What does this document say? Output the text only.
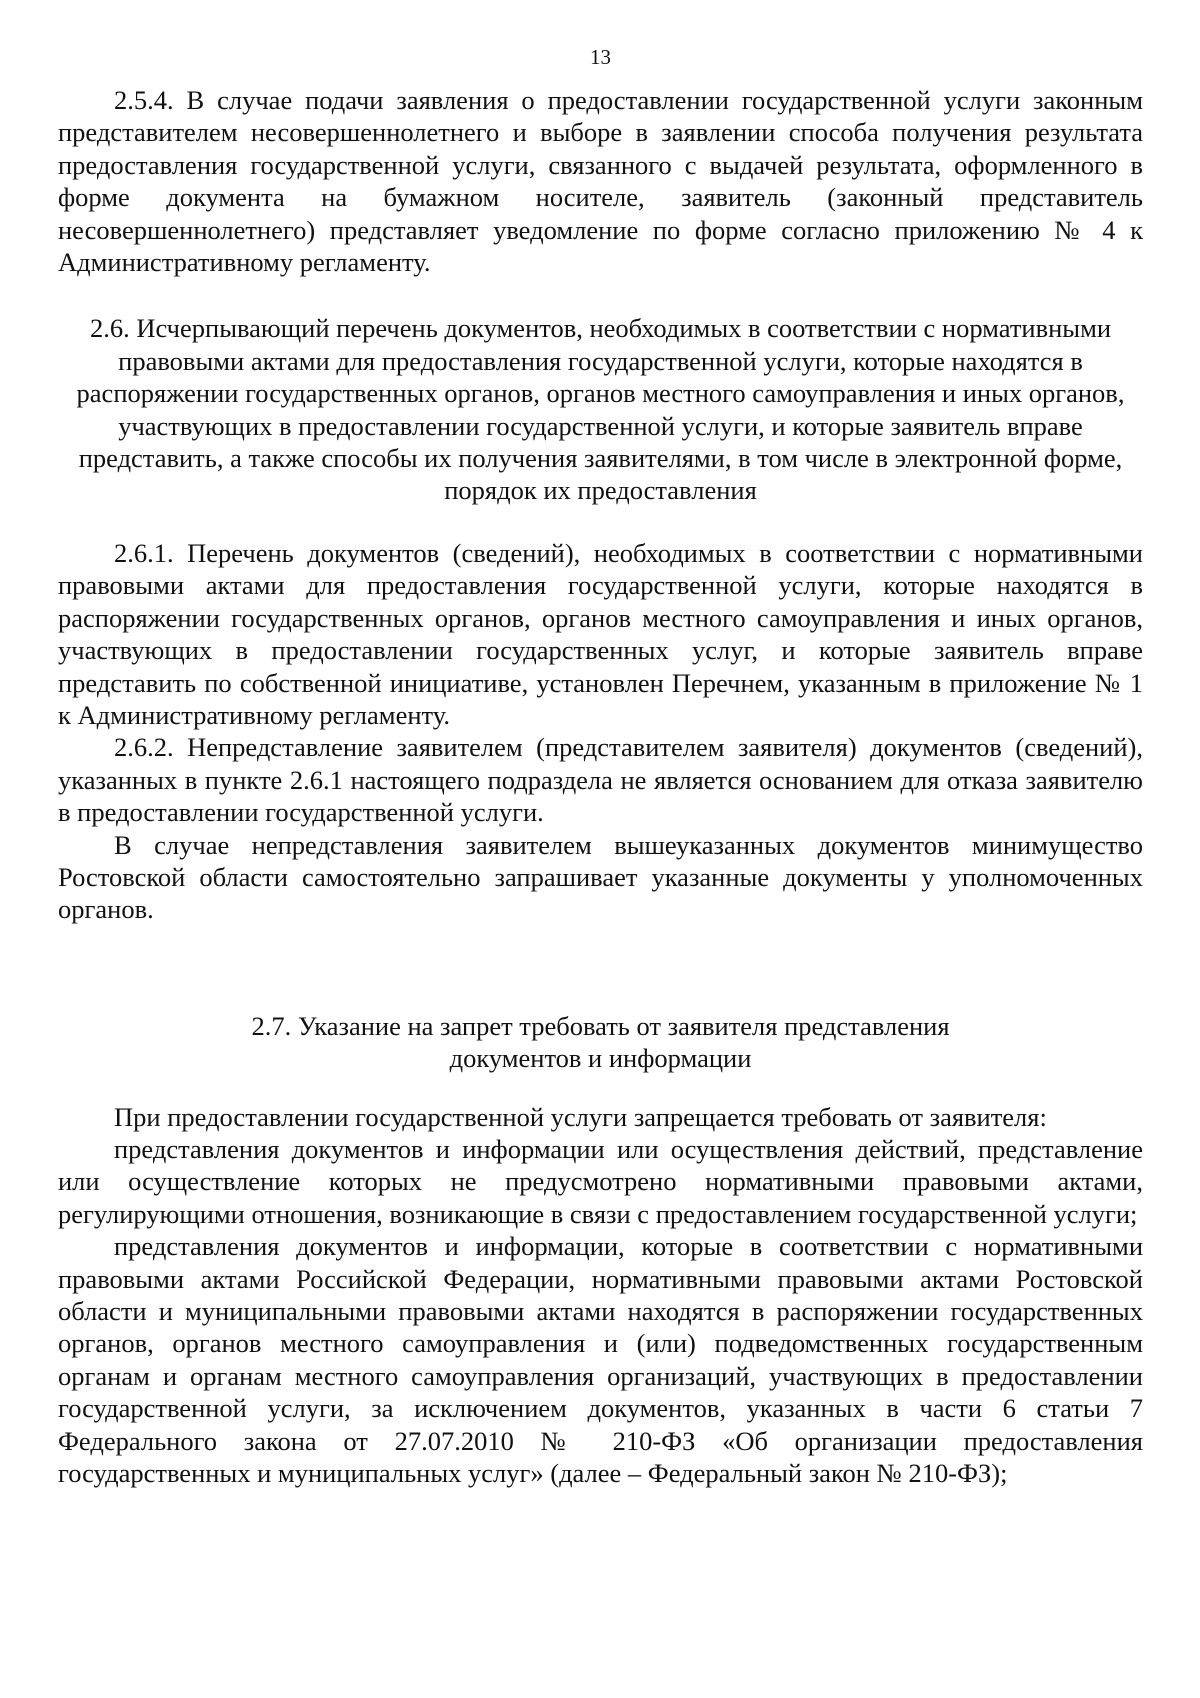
13

2.5.4. В случае подачи заявления о предоставлении государственной услуги законным представителем несовершеннолетнего и выборе в заявлении способа получения результата предоставления государственной услуги, связанного с выдачей результата, оформленного в форме документа на бумажном носителе, заявитель (законный представитель несовершеннолетнего) представляет уведомление по форме согласно приложению № 4 к Административному регламенту.

2.6. Исчерпывающий перечень документов, необходимых в соответствии с нормативными правовыми актами для предоставления государственной услуги, которые находятся в распоряжении государственных органов, органов местного самоуправления и иных органов, участвующих в предоставлении государственной услуги, и которые заявитель вправе представить, а также способы их получения заявителями, в том числе в электронной форме, порядок их предоставления

2.6.1. Перечень документов (сведений), необходимых в соответствии с нормативными правовыми актами для предоставления государственной услуги, которые находятся в распоряжении государственных органов, органов местного самоуправления и иных органов, участвующих в предоставлении государственных услуг, и которые заявитель вправе представить по собственной инициативе, установлен Перечнем, указанным в приложение № 1 к Административному регламенту.

2.6.2. Непредставление заявителем (представителем заявителя) документов (сведений), указанных в пункте 2.6.1 настоящего подраздела не является основанием для отказа заявителю в предоставлении государственной услуги.

В случае непредставления заявителем вышеуказанных документов минимущество Ростовской области самостоятельно запрашивает указанные документы у уполномоченных органов.

2.7. Указание на запрет требовать от заявителя представления документов и информации

При предоставлении государственной услуги запрещается требовать от заявителя:

представления документов и информации или осуществления действий, представление или осуществление которых не предусмотрено нормативными правовыми актами, регулирующими отношения, возникающие в связи с предоставлением государственной услуги;

представления документов и информации, которые в соответствии с нормативными правовыми актами Российской Федерации, нормативными правовыми актами Ростовской области и муниципальными правовыми актами находятся в распоряжении государственных органов, органов местного самоуправления и (или) подведомственных государственным органам и органам местного самоуправления организаций, участвующих в предоставлении государственной услуги, за исключением документов, указанных в части 6 статьи 7 Федерального закона от 27.07.2010 № 210-ФЗ «Об организации предоставления государственных и муниципальных услуг» (далее – Федеральный закон № 210-ФЗ);
